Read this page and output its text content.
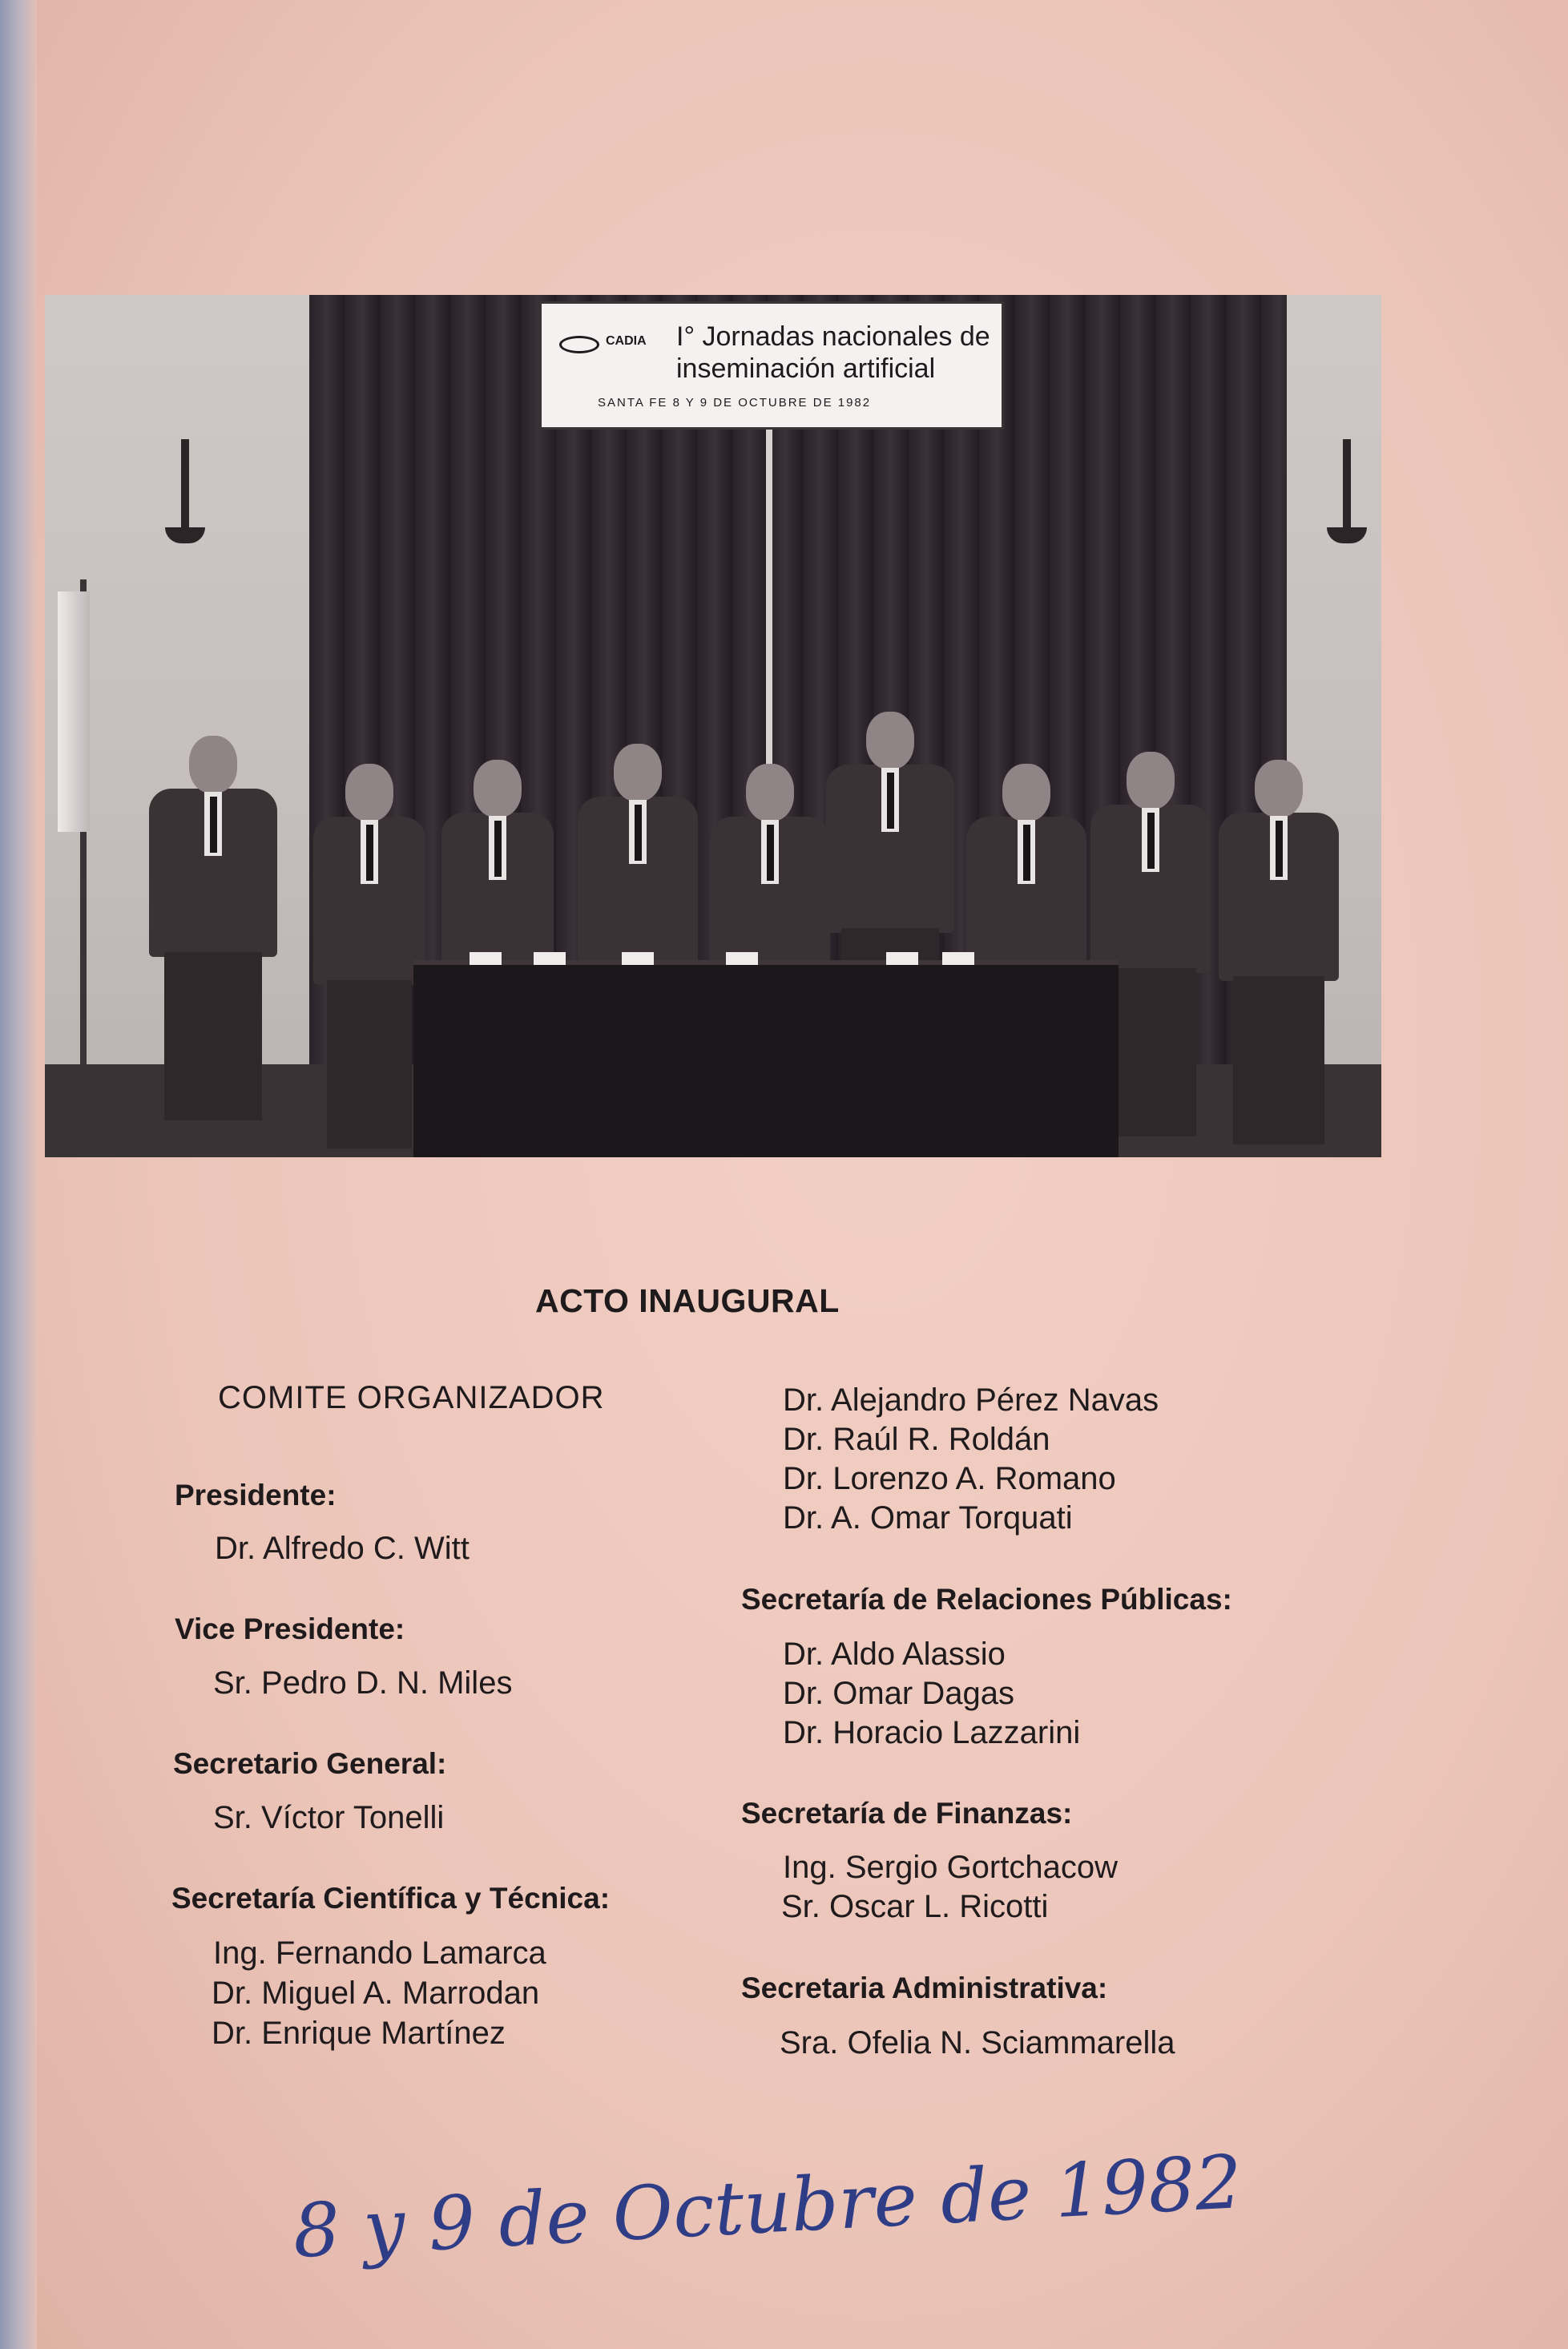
CADIA I° Jornadas nacionales de
inseminación artificial
SANTA FE 8 Y 9 DE OCTUBRE DE 1982
ACTO INAUGURAL
COMITE ORGANIZADOR
Presidente:
Dr. Alfredo C. Witt
Vice Presidente:
Sr. Pedro D. N. Miles
Secretario General:
Sr. Víctor Tonelli
Secretaría Científica y Técnica:
Ing. Fernando Lamarca
Dr. Miguel A. Marrodan
Dr. Enrique Martínez
Dr. Alejandro Pérez Navas
Dr. Raúl R. Roldán
Dr. Lorenzo A. Romano
Dr. A. Omar Torquati
Secretaría de Relaciones Públicas:
Dr. Aldo Alassio
Dr. Omar Dagas
Dr. Horacio Lazzarini
Secretaría de Finanzas:
Ing. Sergio Gortchacow
Sr. Oscar L. Ricotti
Secretaria Administrativa:
Sra. Ofelia N. Sciammarella
8 y 9 de Octubre de 1982
